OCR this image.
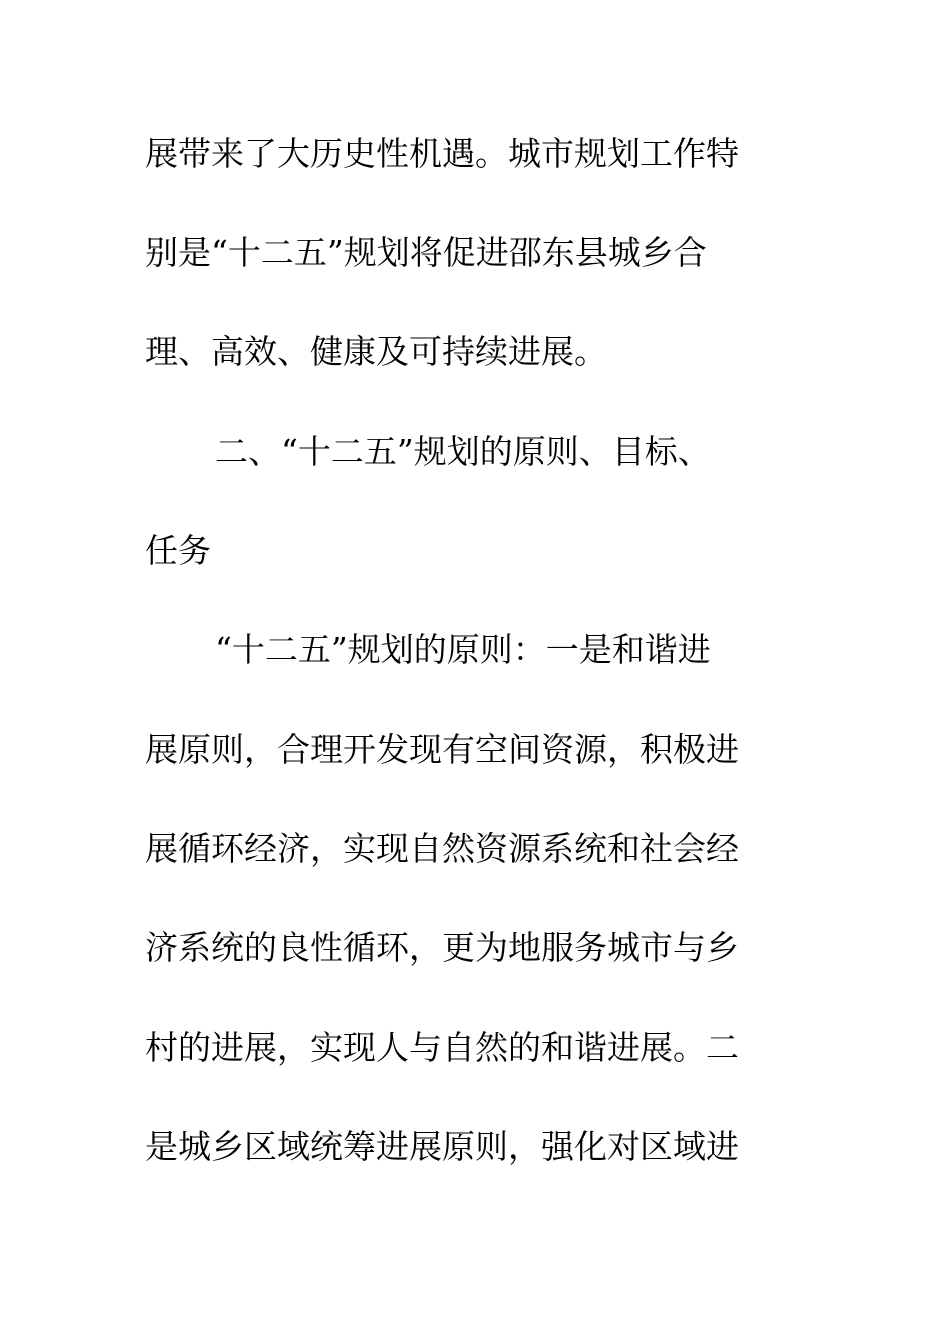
展带来了大历史性机遇。城市规划工作特
别是“十二五”规划将促进邵东县城乡合
理、高效、健康及可持续进展。
二、“十二五”规划的原则、目标、
任务
“十二五”规划的原则：一是和谐进
展原则，合理开发现有空间资源，积极进
展循环经济，实现自然资源系统和社会经
济系统的良性循环，更为地服务城市与乡
村的进展，实现人与自然的和谐进展。二
是城乡区域统筹进展原则，强化对区域进
